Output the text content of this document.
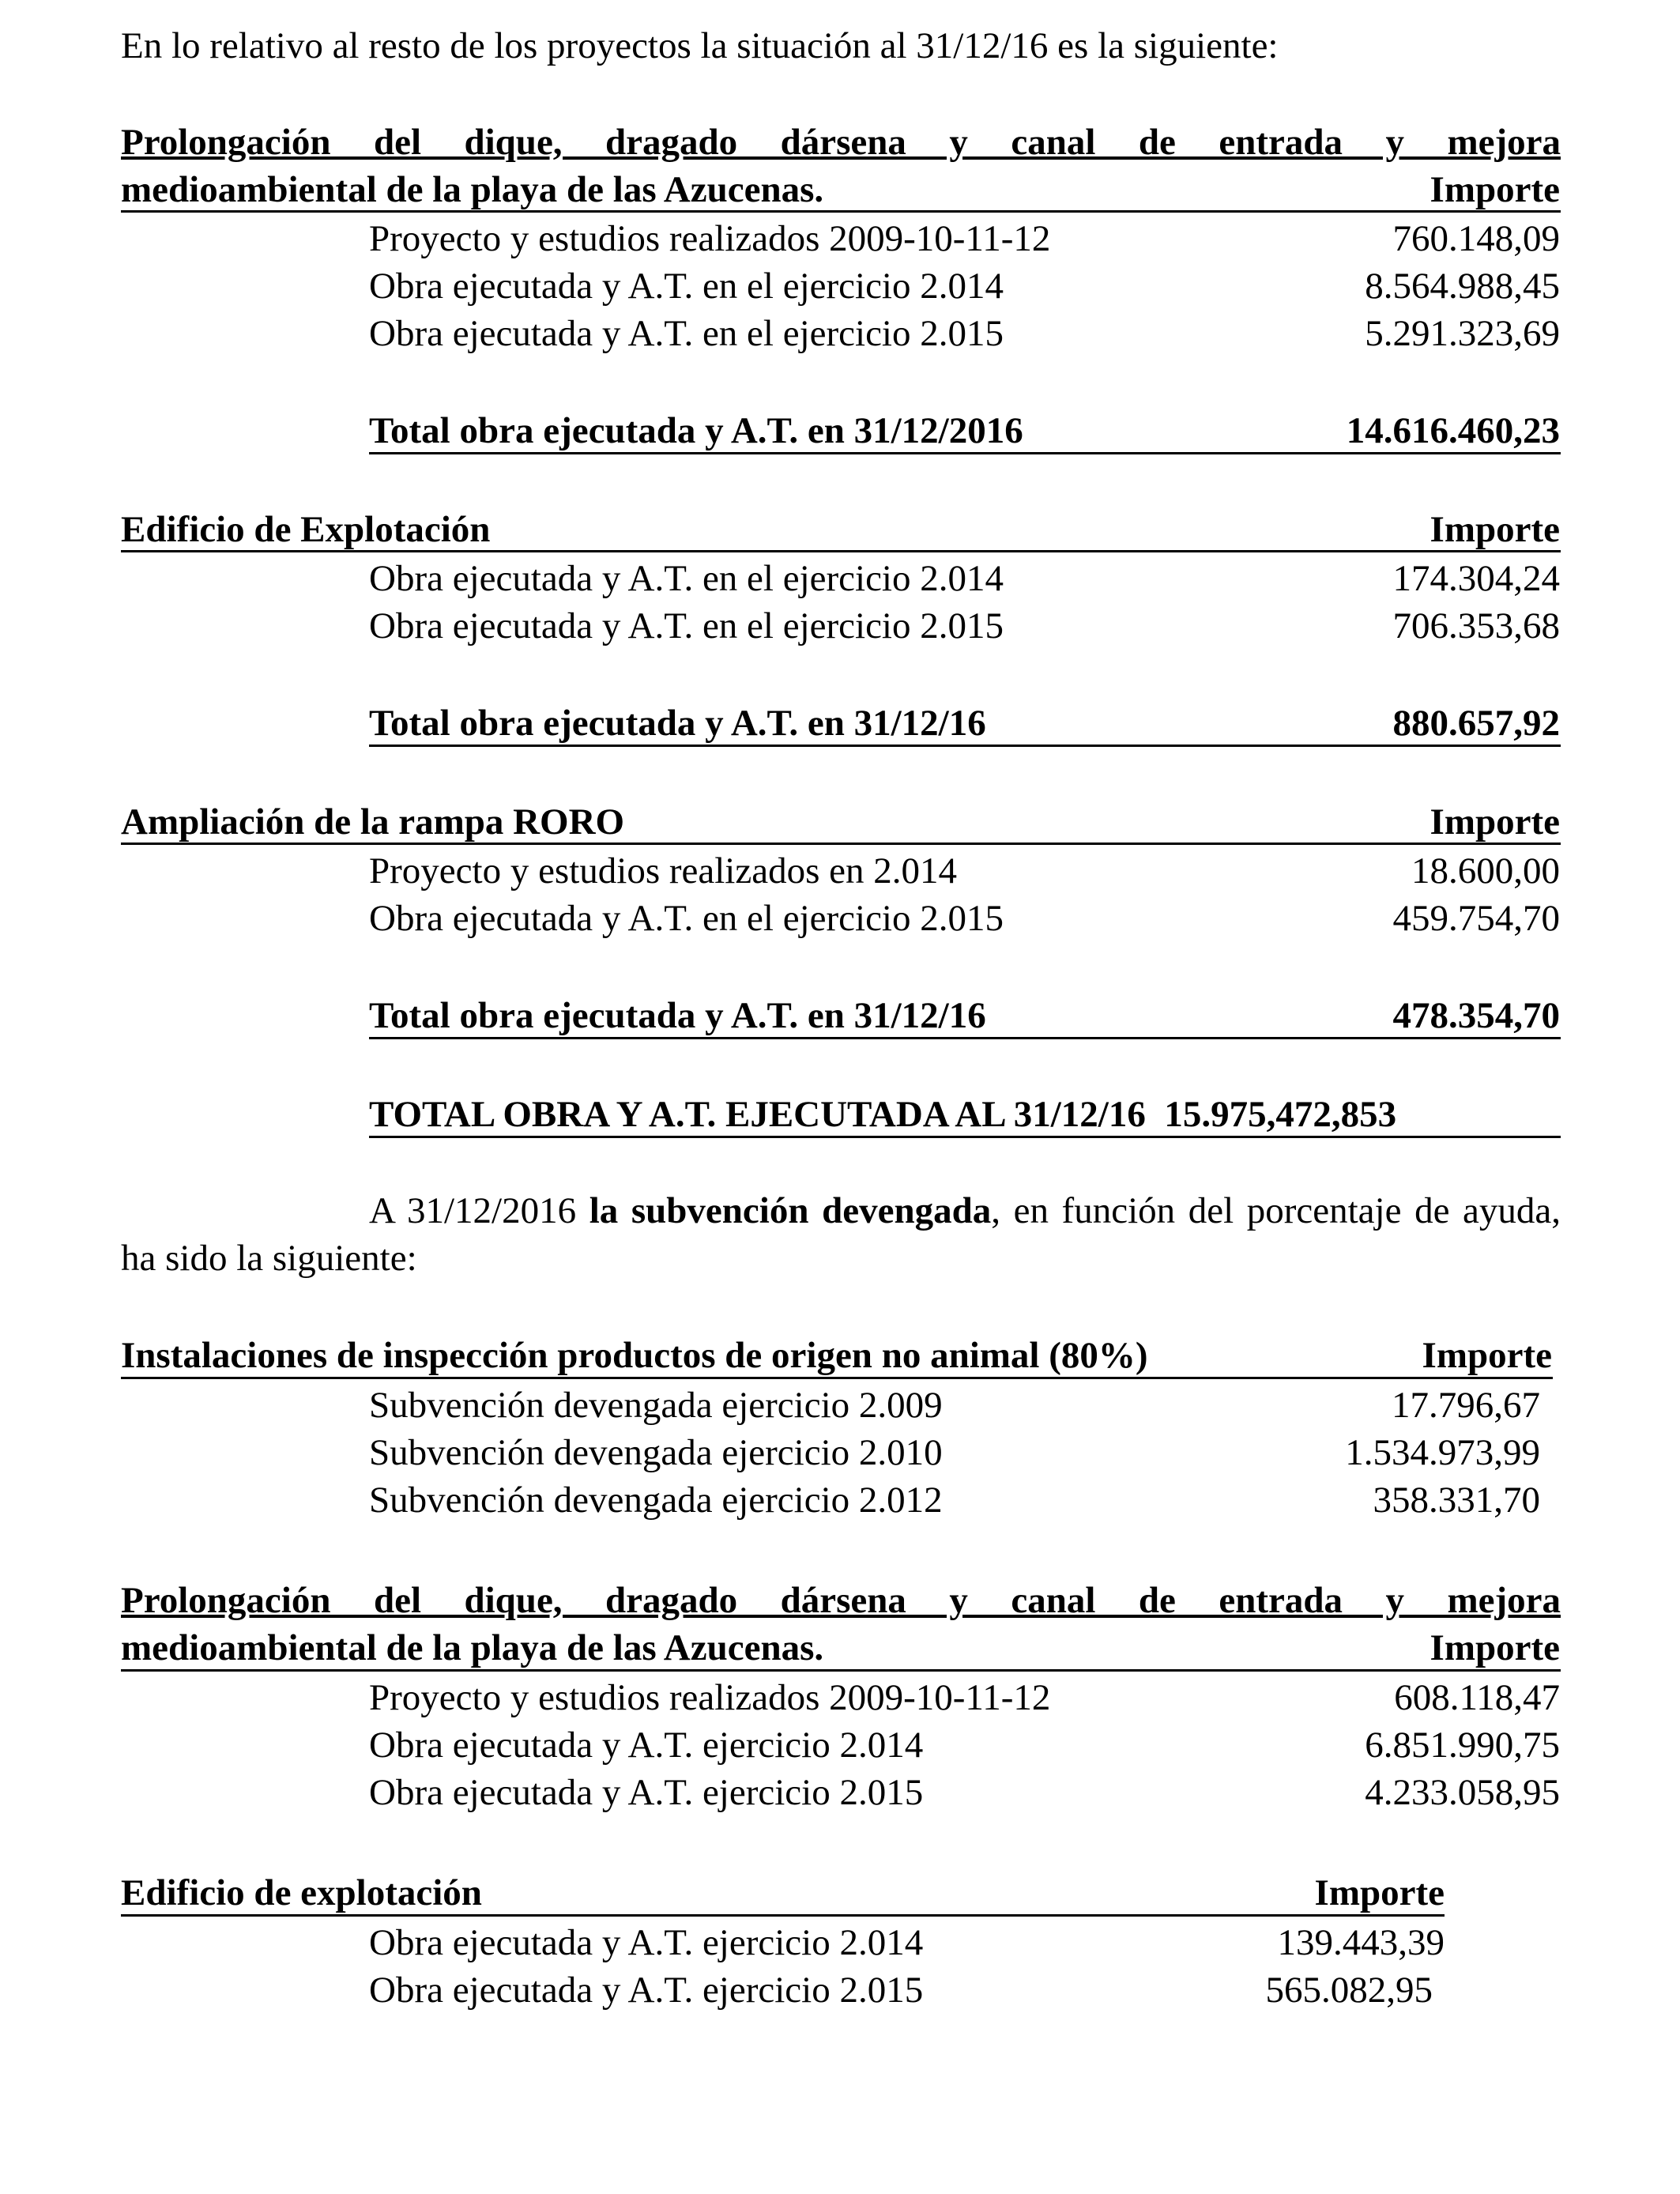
En lo relativo al resto de los proyectos la situación al 31/12/16 es la siguiente:
Prolongación del dique, dragado dársena y canal de entrada y mejora
medioambiental de la playa de las Azucenas.	Importe
Proyecto y estudios realizados 2009-10-11-12	760.148,09
Obra ejecutada y A.T. en el ejercicio 2.014	8.564.988,45
Obra ejecutada y A.T. en el ejercicio 2.015	5.291.323,69
Total obra ejecutada y A.T. en 31/12/2016	14.616.460,23
Edificio de Explotación	Importe
Obra ejecutada y A.T. en el ejercicio 2.014	174.304,24
Obra ejecutada y A.T. en el ejercicio 2.015	706.353,68
Total obra ejecutada y A.T. en 31/12/16	880.657,92
Ampliación de la rampa RORO	Importe
Proyecto y estudios realizados en 2.014	18.600,00
Obra ejecutada y A.T. en el ejercicio 2.015	459.754,70
Total obra ejecutada y A.T. en 31/12/16	478.354,70
TOTAL OBRA Y A.T. EJECUTADA AL 31/12/16  15.975,472,853
A 31/12/2016 la subvención devengada, en función del porcentaje de ayuda, ha sido la siguiente:
Instalaciones de inspección productos de origen no animal (80%)	Importe
Subvención devengada ejercicio 2.009	17.796,67
Subvención devengada ejercicio 2.010	1.534.973,99
Subvención devengada ejercicio 2.012	358.331,70
Prolongación del dique, dragado dársena y canal de entrada y mejora
medioambiental de la playa de las Azucenas.	Importe
Proyecto y estudios realizados 2009-10-11-12	608.118,47
Obra ejecutada y A.T. ejercicio 2.014	6.851.990,75
Obra ejecutada y A.T. ejercicio 2.015	4.233.058,95
Edificio de explotación	Importe
Obra ejecutada y A.T. ejercicio 2.014	139.443,39
Obra ejecutada y A.T. ejercicio 2.015	565.082,95
